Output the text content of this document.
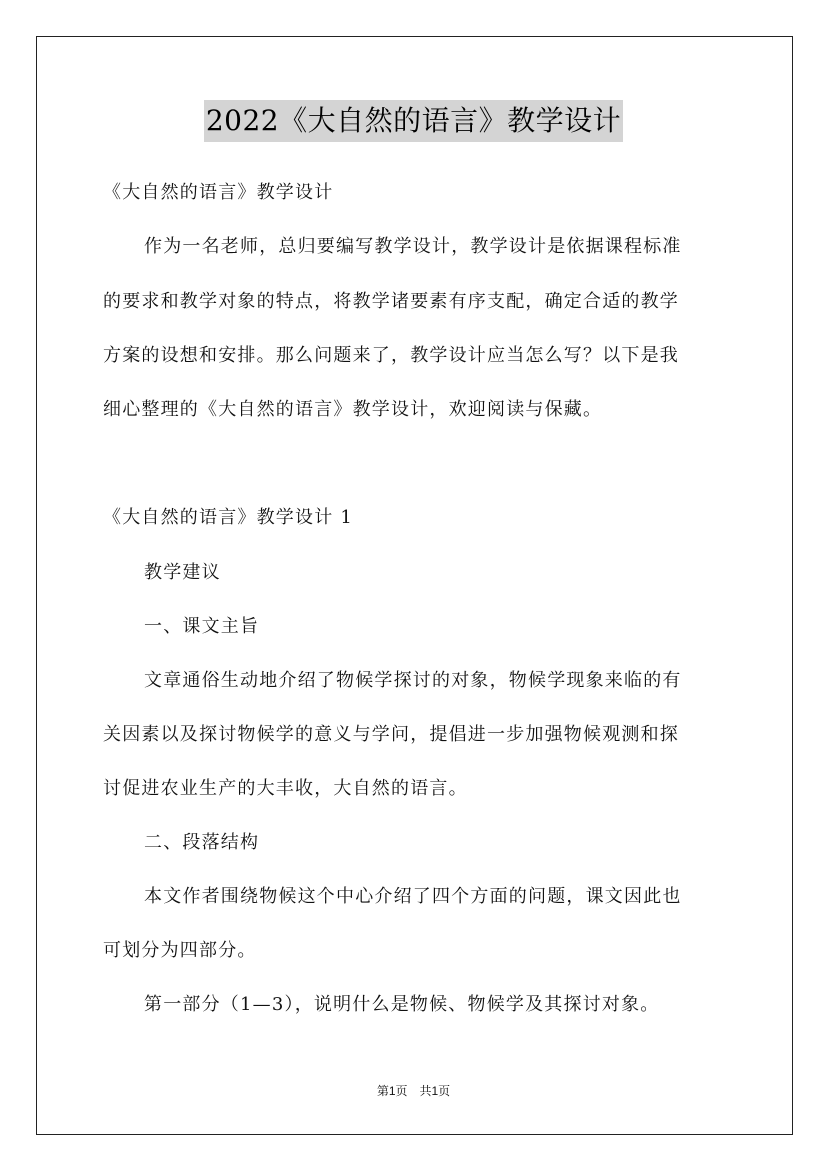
2022《大自然的语言》教学设计
《大自然的语言》教学设计
作为一名老师，总归要编写教学设计，教学设计是依据课程标准
的要求和教学对象的特点，将教学诸要素有序支配，确定合适的教学
方案的设想和安排。那么问题来了，教学设计应当怎么写？以下是我
细心整理的《大自然的语言》教学设计，欢迎阅读与保藏。
《大自然的语言》教学设计 1
教学建议
一、课文主旨
文章通俗生动地介绍了物候学探讨的对象，物候学现象来临的有
关因素以及探讨物候学的意义与学问，提倡进一步加强物候观测和探
讨促进农业生产的大丰收，大自然的语言。
二、段落结构
本文作者围绕物候这个中心介绍了四个方面的问题，课文因此也
可划分为四部分。
第一部分（1—3），说明什么是物候、物候学及其探讨对象。
第1页　共1页
